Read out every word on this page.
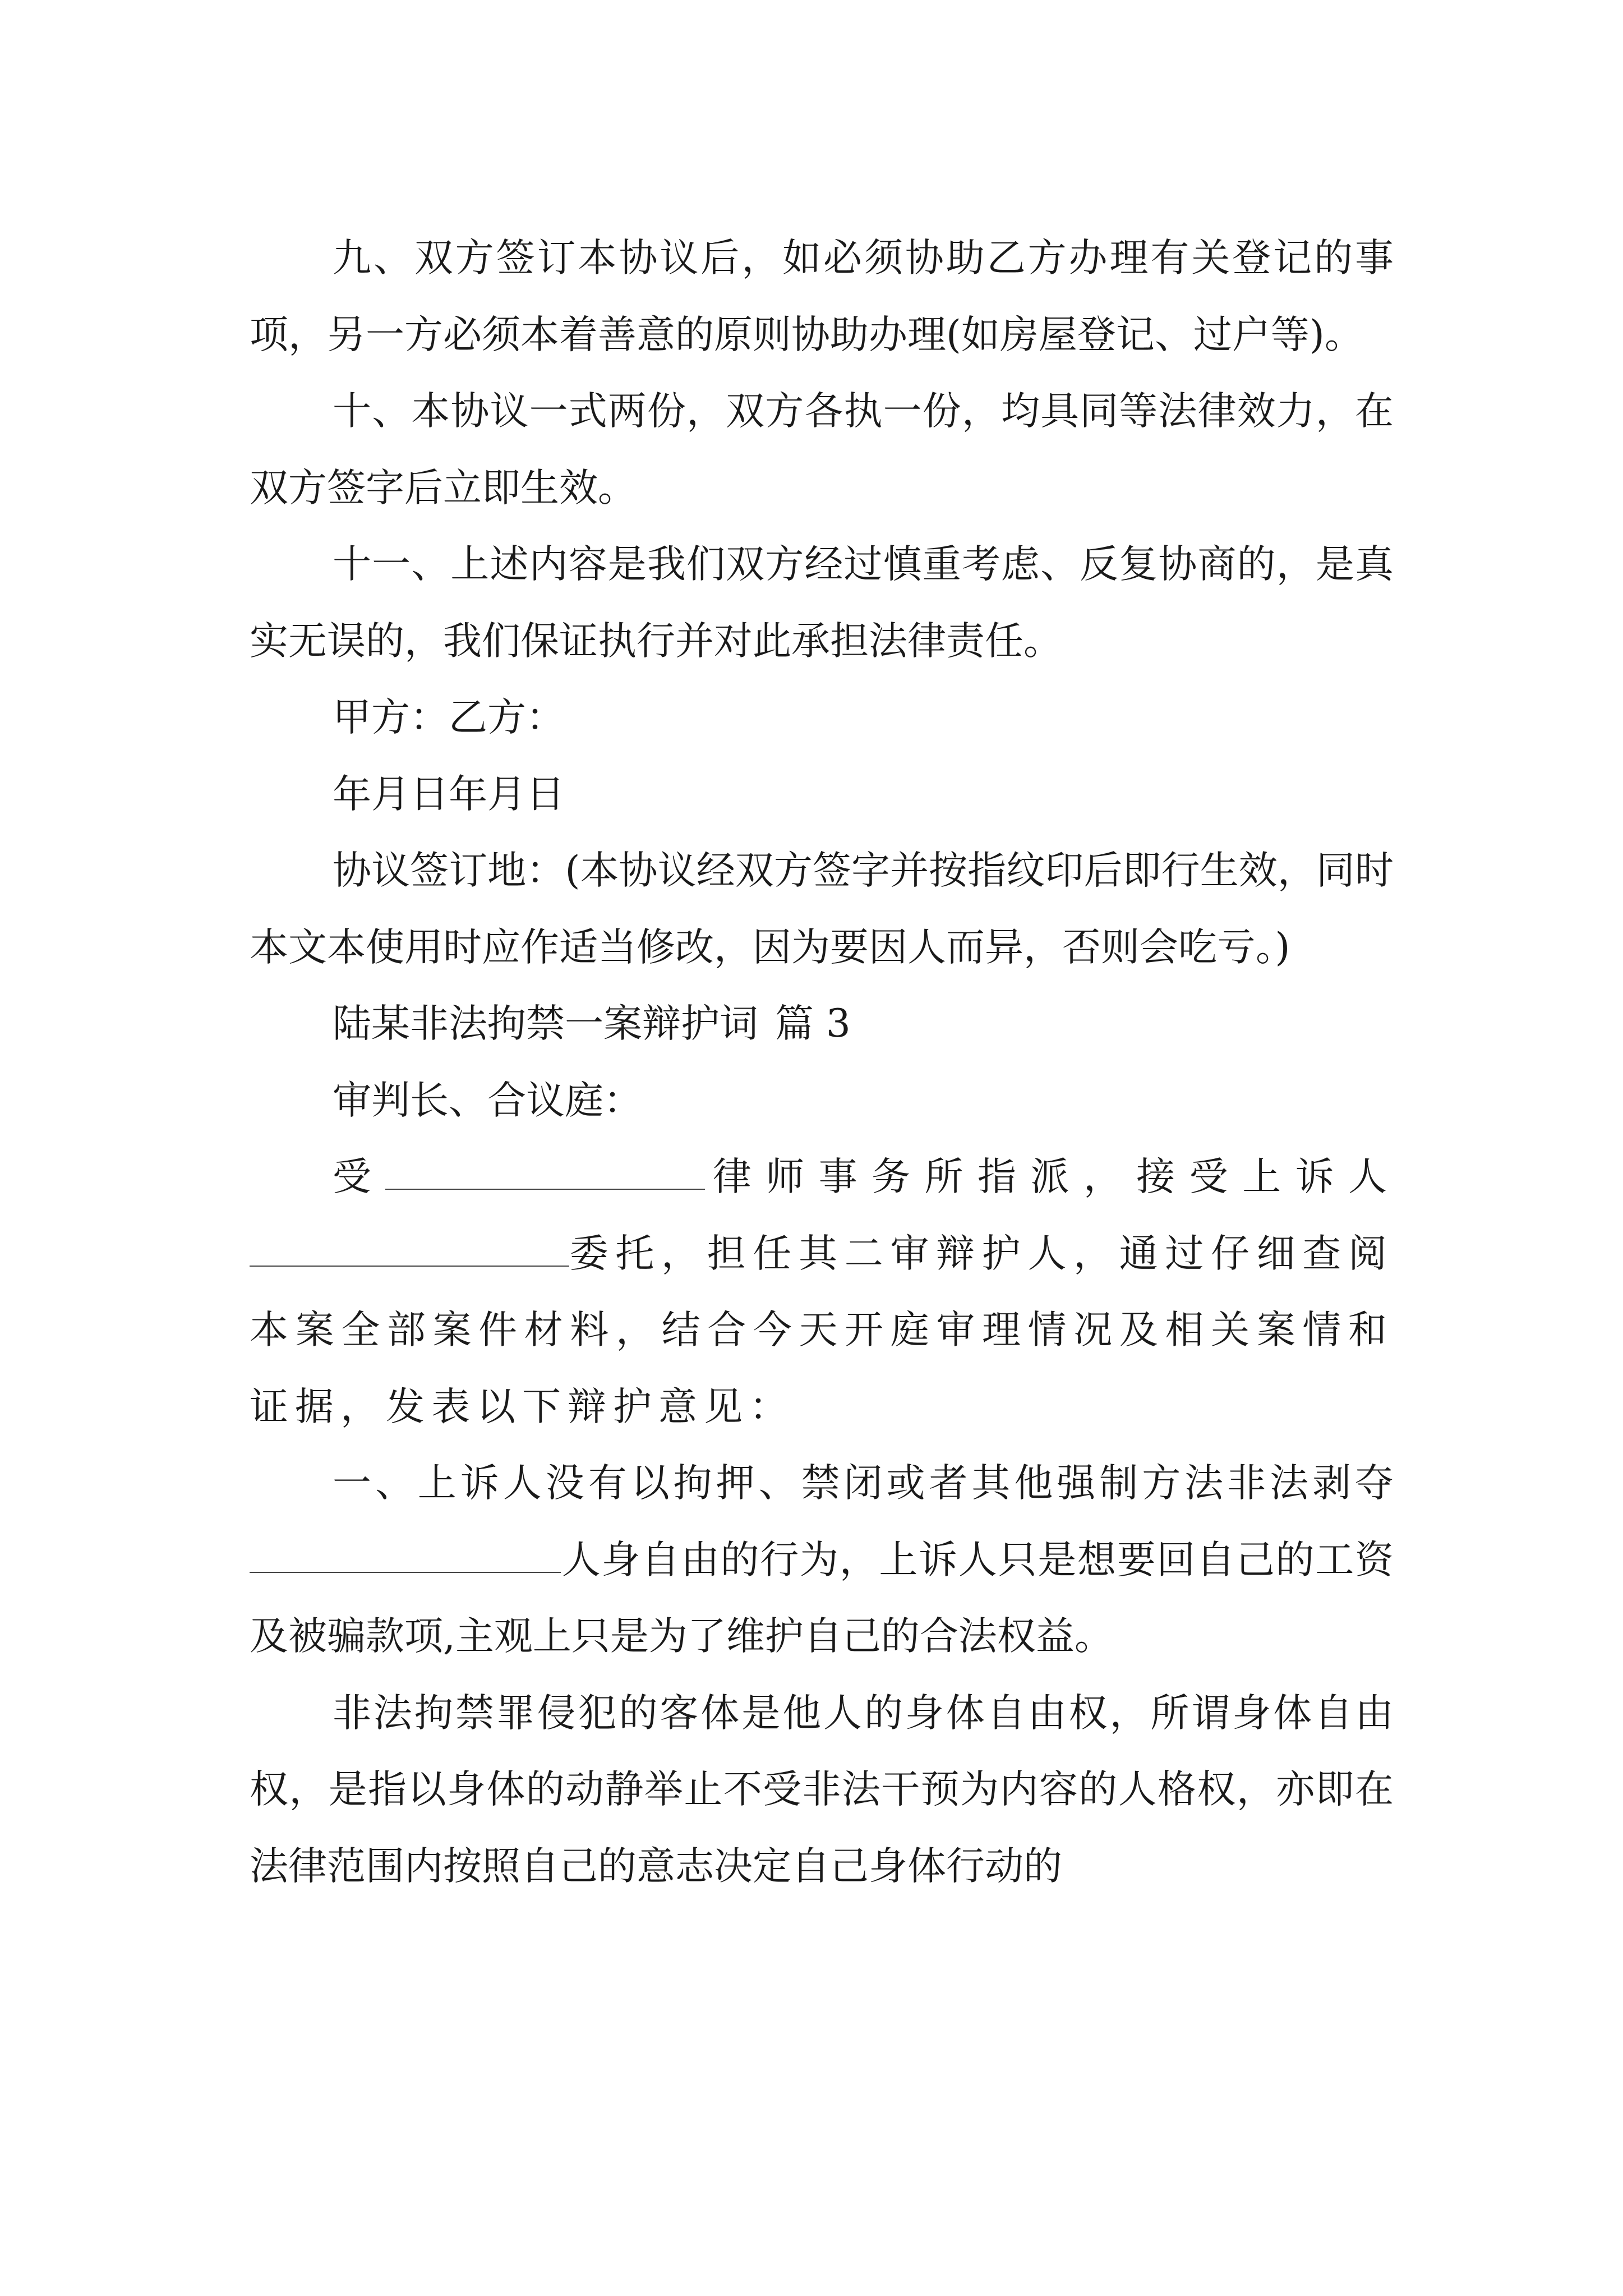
九、双方签订本协议后，如必须协助乙方办理有关登记的事项，另一方必须本着善意的原则协助办理(如房屋登记、过户等)。

十、本协议一式两份，双方各执一份，均具同等法律效力，在双方签字后立即生效。

十一、上述内容是我们双方经过慎重考虑、反复协商的，是真实无误的，我们保证执行并对此承担法律责任。

甲方：乙方：

年月日年月日

协议签订地：(本协议经双方签字并按指纹印后即行生效，同时本文本使用时应作适当修改，因为要因人而异，否则会吃亏。)

陆某非法拘禁一案辩护词 篇 3

审判长、合议庭：

受	律师事务所指派，接受上诉人委托，担任其二审辩护人，通过仔细查阅本案全部案件材料，结合今天开庭审理情况及相关案情和证据，发表以下辩护意见：

一、上诉人没有以拘押、禁闭或者其他强制方法非法剥夺人身自由的行为，上诉人只是想要回自己的工资及被骗款项,主观上只是为了维护自己的合法权益。

非法拘禁罪侵犯的客体是他人的身体自由权，所谓身体自由权，是指以身体的动静举止不受非法干预为内容的人格权，亦即在法律范围内按照自己的意志决定自己身体行动的
